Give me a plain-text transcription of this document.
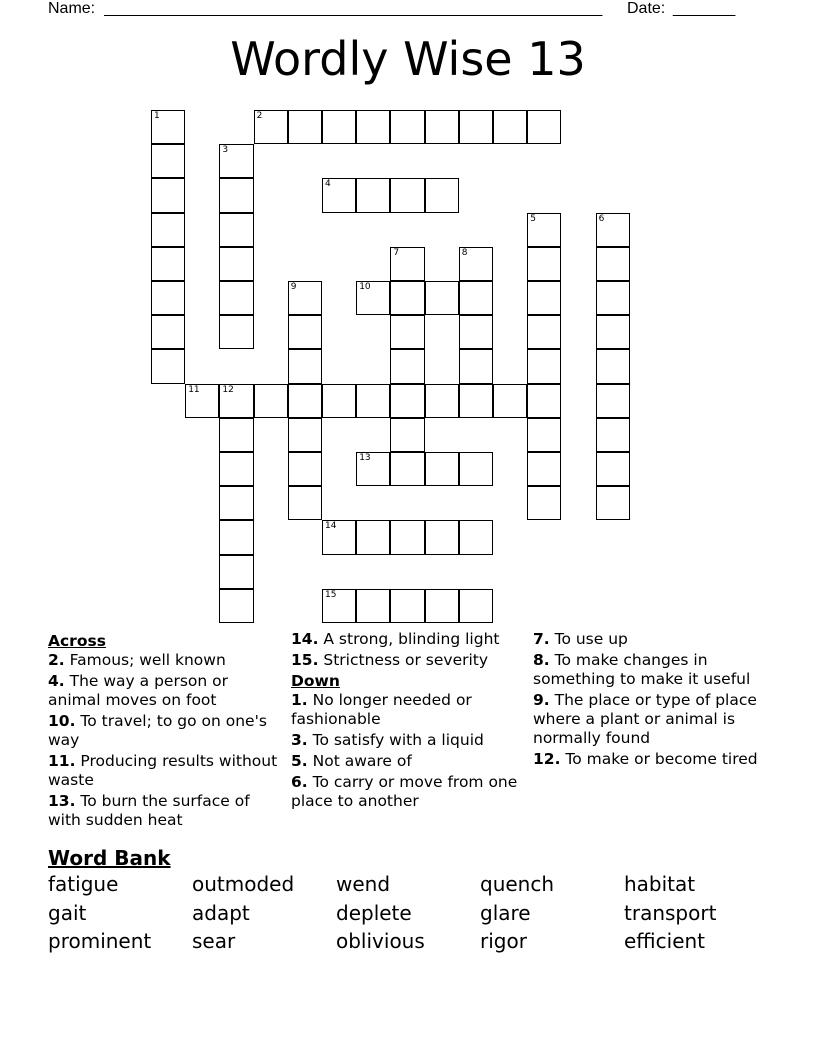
Name: ________________________________________________________	Date: _______
Wordly Wise 13
2
4
10
11	12
13
14
15
1
3
5	6
7	8
9
Across
2. Famous; well known
4. The way a person or animal moves on foot
10. To travel; to go on one's way
11. Producing results without waste
13. To burn the surface of with sudden heat
14. A strong, blinding light
15. Strictness or severity
Down
1. No longer needed or fashionable
3. To satisfy with a liquid
5. Not aware of
6. To carry or move from one place to another
7. To use up
8. To make changes in something to make it useful
9. The place or type of place where a plant or animal is normally found
12. To make or become tired
Word Bank
fatigue	outmoded	wend	quench	habitat
gait	adapt	deplete	glare	transport
prominent	sear	oblivious	rigor	efficient
